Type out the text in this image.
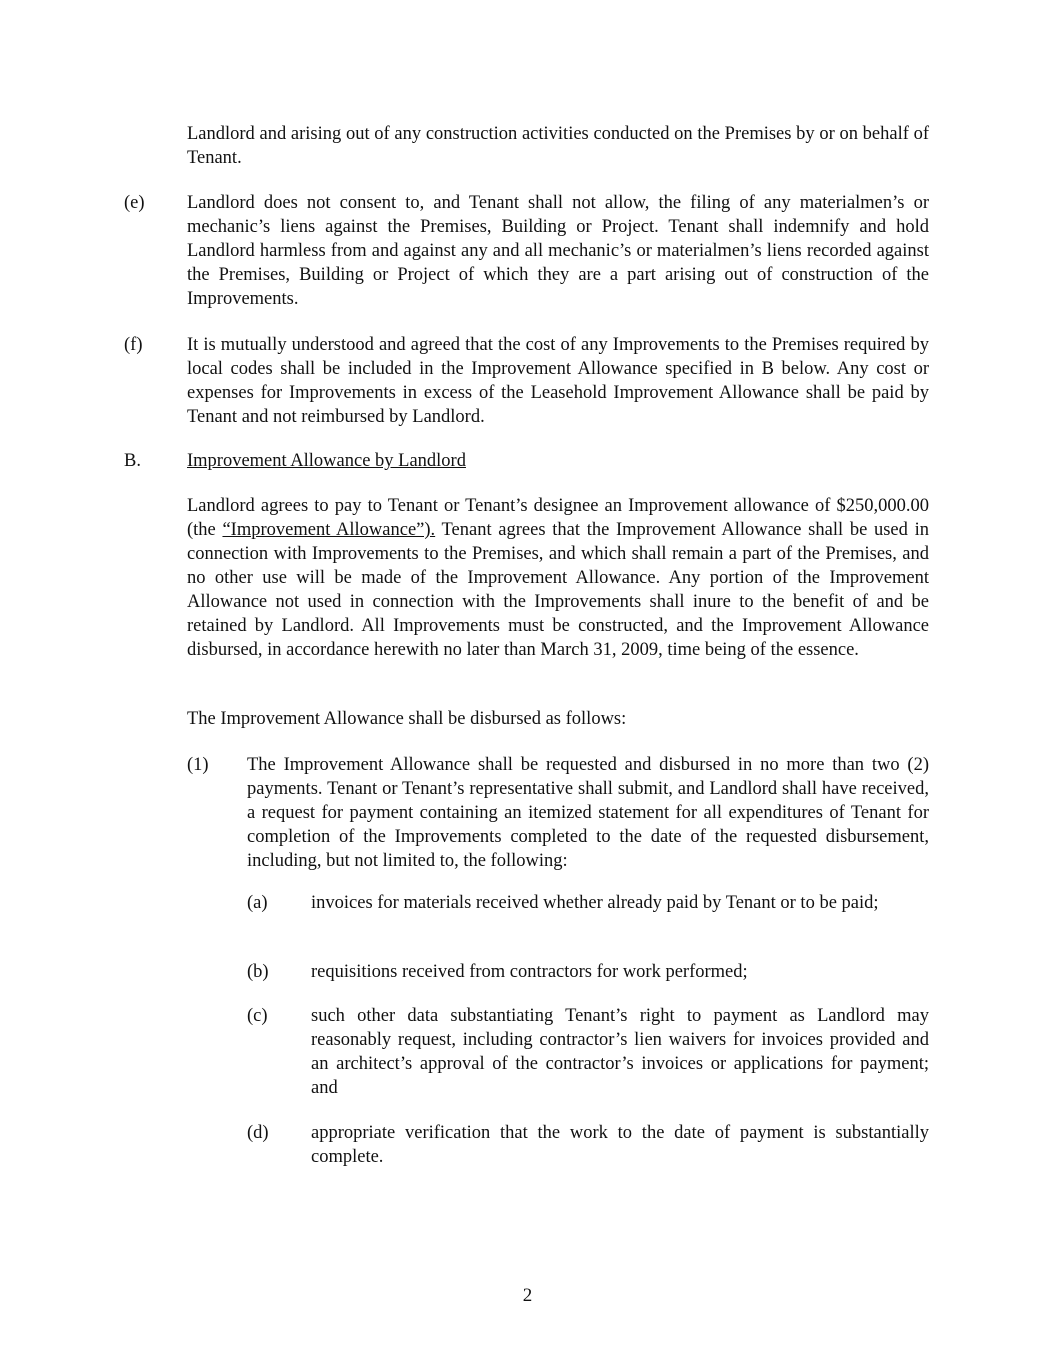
Landlord and arising out of any construction activities conducted on the Premises by or on behalf of Tenant.
(e) Landlord does not consent to, and Tenant shall not allow, the filing of any materialmen’s or mechanic’s liens against the Premises, Building or Project. Tenant shall indemnify and hold Landlord harmless from and against any and all mechanic’s or materialmen’s liens recorded against the Premises, Building or Project of which they are a part arising out of construction of the Improvements.
(f) It is mutually understood and agreed that the cost of any Improvements to the Premises required by local codes shall be included in the Improvement Allowance specified in B below. Any cost or expenses for Improvements in excess of the Leasehold Improvement Allowance shall be paid by Tenant and not reimbursed by Landlord.
B. Improvement Allowance by Landlord
Landlord agrees to pay to Tenant or Tenant’s designee an Improvement allowance of $250,000.00 (the “Improvement Allowance”). Tenant agrees that the Improvement Allowance shall be used in connection with Improvements to the Premises, and which shall remain a part of the Premises, and no other use will be made of the Improvement Allowance. Any portion of the Improvement Allowance not used in connection with the Improvements shall inure to the benefit of and be retained by Landlord. All Improvements must be constructed, and the Improvement Allowance disbursed, in accordance herewith no later than March 31, 2009, time being of the essence.
The Improvement Allowance shall be disbursed as follows:
(1) The Improvement Allowance shall be requested and disbursed in no more than two (2) payments. Tenant or Tenant’s representative shall submit, and Landlord shall have received, a request for payment containing an itemized statement for all expenditures of Tenant for completion of the Improvements completed to the date of the requested disbursement, including, but not limited to, the following:
(a) invoices for materials received whether already paid by Tenant or to be paid;
(b) requisitions received from contractors for work performed;
(c) such other data substantiating Tenant’s right to payment as Landlord may reasonably request, including contractor’s lien waivers for invoices provided and an architect’s approval of the contractor’s invoices or applications for payment; and
(d) appropriate verification that the work to the date of payment is substantially complete.
2
